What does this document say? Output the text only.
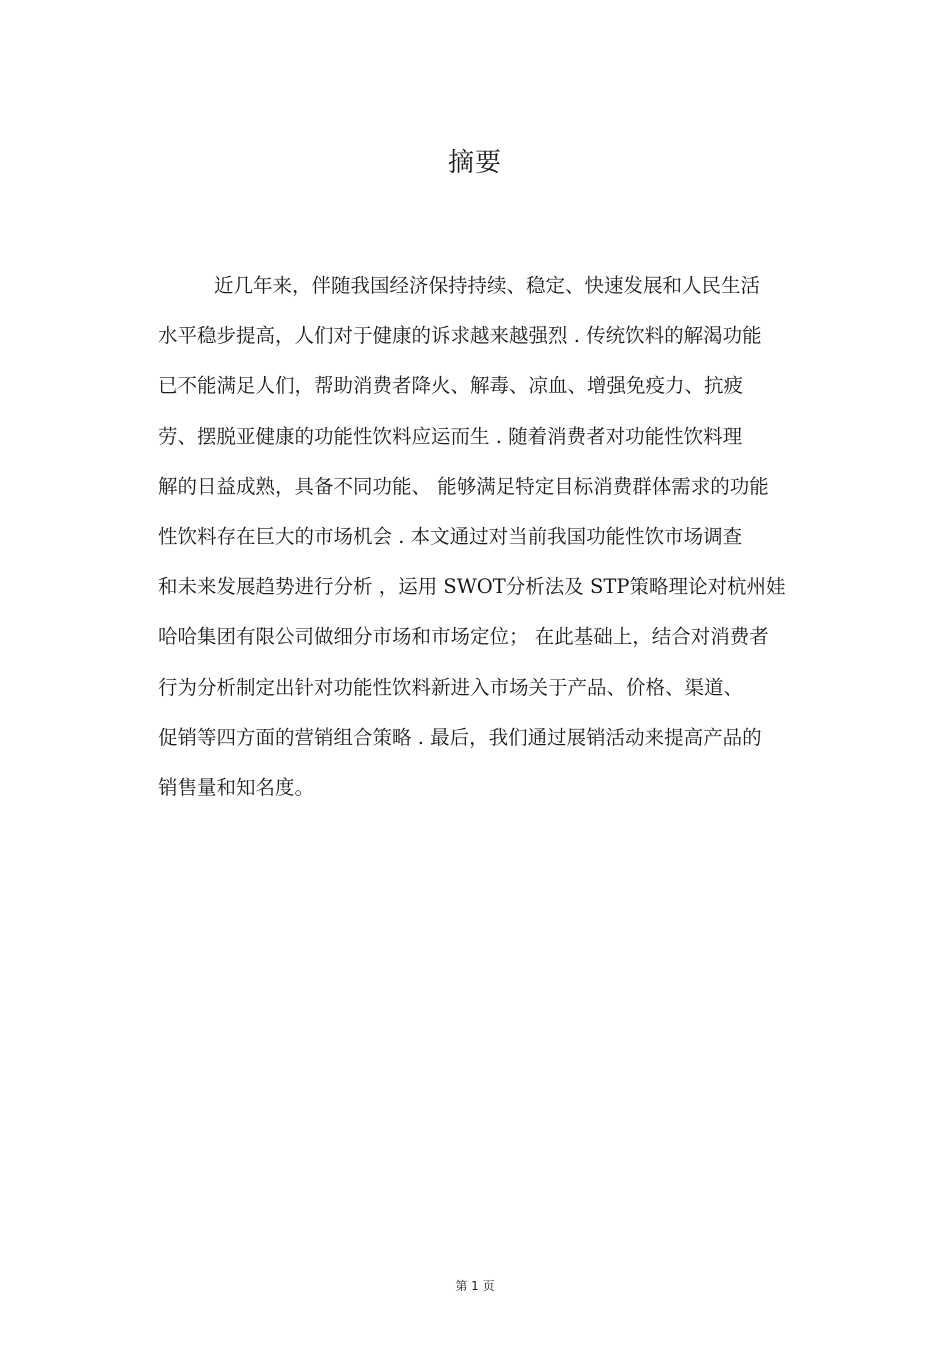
摘要
近几年来，伴随我国经济保持持续、稳定、快速发展和人民生活
水平稳步提高，人们对于健康的诉求越来越强烈 . 传统饮料的解渴功能
已不能满足人们，帮助消费者降火、解毒、凉血、增强免疫力、抗疲
劳、摆脱亚健康的功能性饮料应运而生 . 随着消费者对功能性饮料理
解的日益成熟，具备不同功能、 能够满足特定目标消费群体需求的功能
性饮料存在巨大的市场机会 . 本文通过对当前我国功能性饮市场调查
和未来发展趋势进行分析 ，运用 SWOT分析法及 STP策略理论对杭州娃
哈哈集团有限公司做细分市场和市场定位； 在此基础上，结合对消费者
行为分析制定出针对功能性饮料新进入市场关于产品、价格、渠道、
促销等四方面的营销组合策略 . 最后，我们通过展销活动来提高产品的
销售量和知名度。
第 1 页
